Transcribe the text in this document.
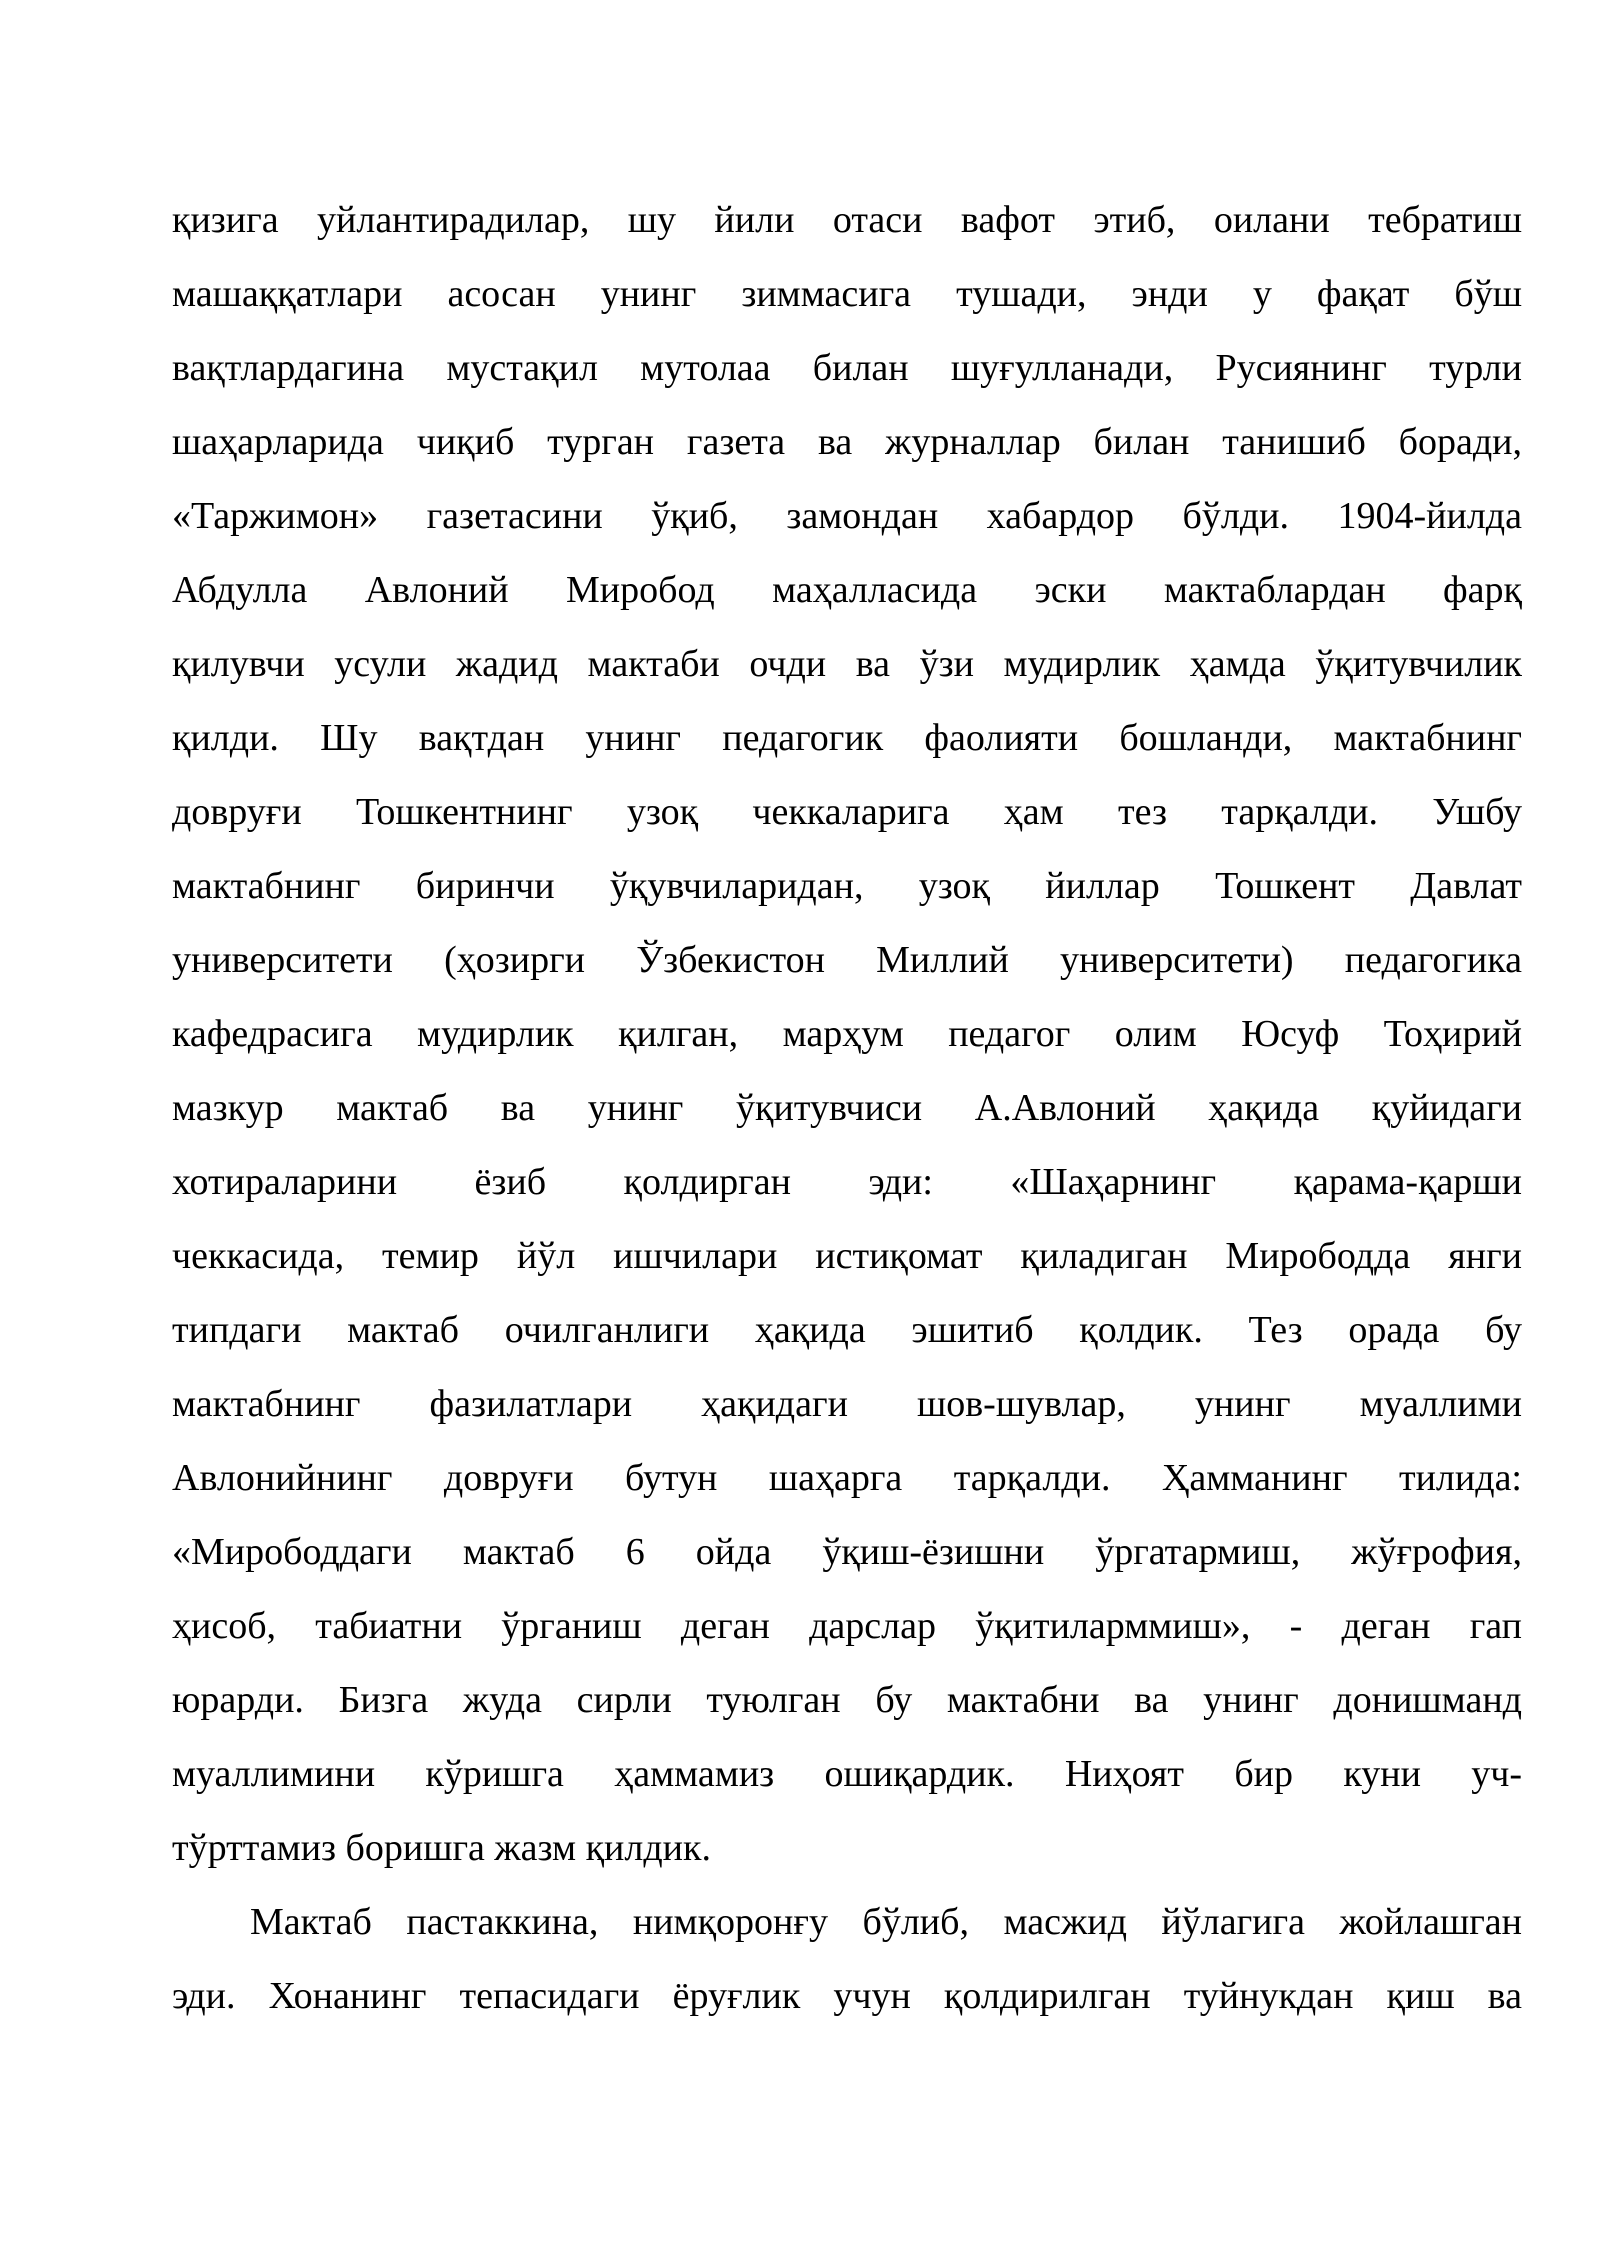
қизига уйлантирадилар, шу йили отаси вафот этиб, оилани тебратиш
машаққатлари асосан унинг зиммасига тушади, энди у фақат бўш
вақтлардагина мустақил мутолаа билан шуғулланади, Русиянинг турли
шаҳарларида чиқиб турган газета ва журналлар билан танишиб боради,
«Таржимон» газетасини ўқиб, замондан хабардор бўлди. 1904-йилда
Абдулла Авлоний Миробод маҳалласида эски мактаблардан фарқ
қилувчи усули жадид мактаби очди ва ўзи мудирлик ҳамда ўқитувчилик
қилди. Шу вақтдан унинг педагогик фаолияти бошланди, мактабнинг
довруғи Тошкентнинг узоқ чеккаларига ҳам тез тарқалди. Ушбу
мактабнинг биринчи ўқувчиларидан, узоқ йиллар Тошкент Давлат
университети (ҳозирги Ўзбекистон Миллий университети) педагогика
кафедрасига мудирлик қилган, марҳум педагог олим Юсуф Тоҳирий
мазкур мактаб ва унинг ўқитувчиси А.Авлоний ҳақида қуйидаги
хотираларини ёзиб қолдирган эди: «Шаҳарнинг қарама-қарши
чеккасида, темир йўл ишчилари истиқомат қиладиган Мирободда янги
типдаги мактаб очилганлиги ҳақида эшитиб қолдик. Тез орада бу
мактабнинг фазилатлари ҳақидаги шов-шувлар, унинг муаллими
Авлонийнинг довруғи бутун шаҳарга тарқалди. Ҳамманинг тилида:
«Мирободдаги мактаб 6 ойда ўқиш-ёзишни ўргатармиш, жўғрофия,
ҳисоб, табиатни ўрганиш деган дарслар ўқитиларммиш», - деган гап
юрарди. Бизга жуда сирли туюлган бу мактабни ва унинг донишманд
муаллимини кўришга ҳаммамиз ошиқардик. Ниҳоят бир куни уч-
тўрттамиз боришга жазм қилдик.
Мактаб пастаккина, нимқоронғу бўлиб, масжид йўлагига жойлашган
эди. Хонанинг тепасидаги ёруғлик учун қолдирилган туйнукдан қиш ва
